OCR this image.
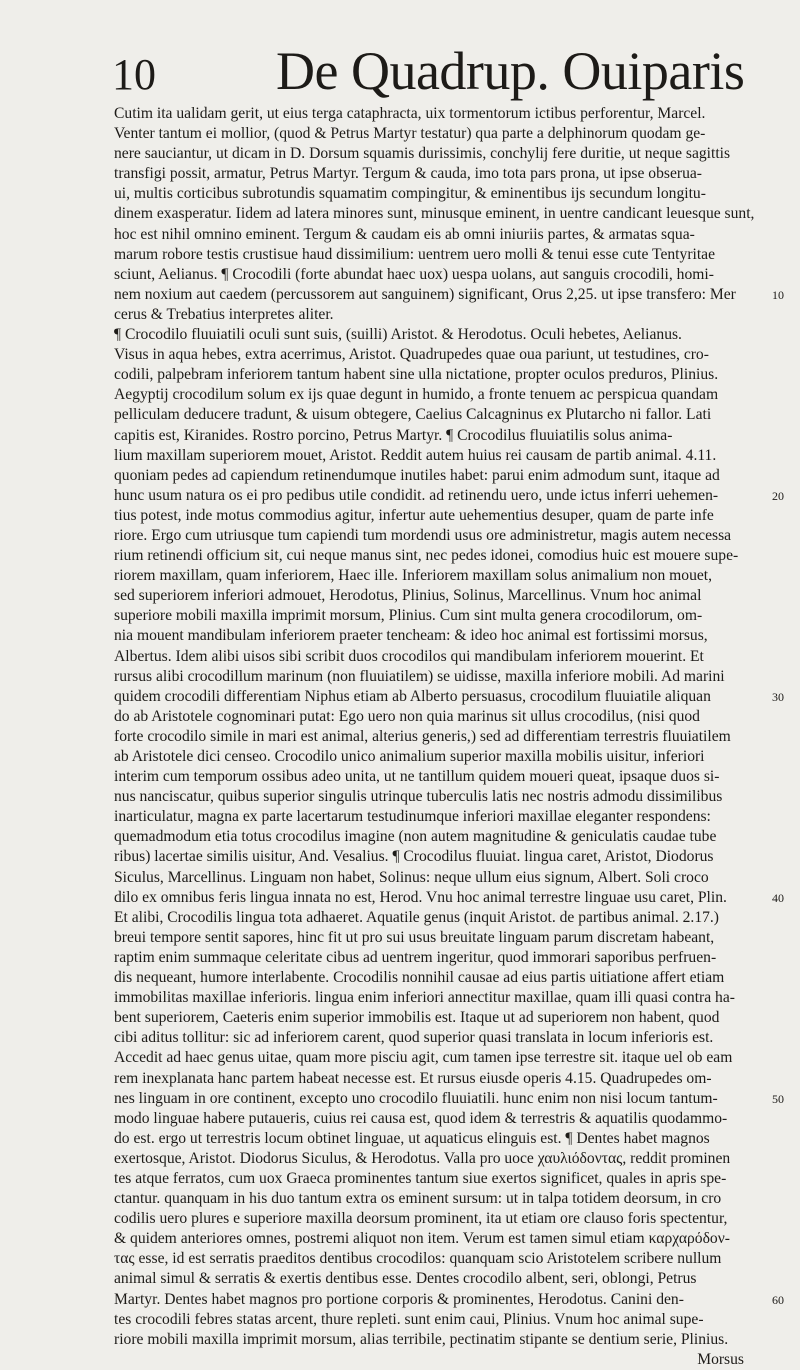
10 De Quadrup. Ouiparis
Cutim ita ualidam gerit, ut eius terga cataphracta, uix tormentorum ictibus perforentur, Marcel.
Venter tantum ei mollior, (quod & Petrus Martyr testatur) qua parte a delphinorum quodam ge-
nere sauciantur, ut dicam in D. Dorsum squamis durissimis, conchylij fere duritie, ut neque sagittis
transfigi possit, armatur, Petrus Martyr. Tergum & cauda, imo tota pars prona, ut ipse obserua-
ui, multis corticibus subrotundis squamatim compingitur, & eminentibus ijs secundum longitu-
dinem exasperatur. Iidem ad latera minores sunt, minusque eminent, in uentre candicant leuesque sunt,
hoc est nihil omnino eminent. Tergum & caudam eis ab omni iniuriis partes, & armatas squa-
marum robore testis crustisue haud dissimilium: uentrem uero molli & tenui esse cute Tentyritae
sciunt, Aelianus. ¶ Crocodili (forte abundat haec uox) uespa uolans, aut sanguis crocodili, homi-
nem noxium aut caedem (percussorem aut sanguinem) significant, Orus 2,25. ut ipse transfero: Mer
cerus & Trebatius interpretes aliter.
¶ Crocodilo fluuiatili oculi sunt suis, (suilli) Aristot. & Herodotus. Oculi hebetes, Aelianus.
Visus in aqua hebes, extra acerrimus, Aristot. Quadrupedes quae oua pariunt, ut testudines, cro-
codili, palpebram inferiorem tantum habent sine ulla nictatione, propter oculos preduros, Plinius.
Aegyptij crocodilum solum ex ijs quae degunt in humido, a fronte tenuem ac perspicua quandam
pelliculam deducere tradunt, & uisum obtegere, Caelius Calcagninus ex Plutarcho ni fallor. Lati
capitis est, Kiranides. Rostro porcino, Petrus Martyr. ¶ Crocodilus fluuiatilis solus anima-
lium maxillam superiorem mouet, Aristot. Reddit autem huius rei causam de partib animal. 4.11.
quoniam pedes ad capiendum retinendumque inutiles habet: parui enim admodum sunt, itaque ad
hunc usum natura os ei pro pedibus utile condidit. ad retinendu uero, unde ictus inferri uehemen-
tius potest, inde motus commodius agitur, infertur aute uehementius desuper, quam de parte infe
riore. Ergo cum utriusque tum capiendi tum mordendi usus ore administretur, magis autem necessa
rium retinendi officium sit, cui neque manus sint, nec pedes idonei, comodius huic est mouere supe-
riorem maxillam, quam inferiorem, Haec ille. Inferiorem maxillam solus animalium non mouet,
sed superiorem inferiori admouet, Herodotus, Plinius, Solinus, Marcellinus. Vnum hoc animal
superiore mobili maxilla imprimit morsum, Plinius. Cum sint multa genera crocodilorum, om-
nia mouent mandibulam inferiorem praeter tencheam: & ideo hoc animal est fortissimi morsus,
Albertus. Idem alibi uisos sibi scribit duos crocodilos qui mandibulam inferiorem mouerint. Et
rursus alibi crocodillum marinum (non fluuiatilem) se uidisse, maxilla inferiore mobili. Ad marini
quidem crocodili differentiam Niphus etiam ab Alberto persuasus, crocodilum fluuiatile aliquan
do ab Aristotele cognominari putat: Ego uero non quia marinus sit ullus crocodilus, (nisi quod
forte crocodilo simile in mari est animal, alterius generis,) sed ad differentiam terrestris fluuiatilem
ab Aristotele dici censeo. Crocodilo unico animalium superior maxilla mobilis uisitur, inferiori
interim cum temporum ossibus adeo unita, ut ne tantillum quidem moueri queat, ipsaque duos si-
nus nanciscatur, quibus superior singulis utrinque tuberculis latis nec nostris admodu dissimilibus
inarticulatur, magna ex parte lacertarum testudinumque inferiori maxillae eleganter respondens:
quemadmodum etia totus crocodilus imagine (non autem magnitudine & geniculatis caudae tube
ribus) lacertae similis uisitur, And. Vesalius. ¶ Crocodilus fluuiat. lingua caret, Aristot, Diodorus
Siculus, Marcellinus. Linguam non habet, Solinus: neque ullum eius signum, Albert. Soli croco
dilo ex omnibus feris lingua innata no est, Herod. Vnu hoc animal terrestre linguae usu caret, Plin.
Et alibi, Crocodilis lingua tota adhaeret. Aquatile genus (inquit Aristot. de partibus animal. 2.17.)
breui tempore sentit sapores, hinc fit ut pro sui usus breuitate linguam parum discretam habeant,
raptim enim summaque celeritate cibus ad uentrem ingeritur, quod immorari saporibus perfruen-
dis nequeant, humore interlabente. Crocodilis nonnihil causae ad eius partis uitiatione affert etiam
immobilitas maxillae inferioris. lingua enim inferiori annectitur maxillae, quam illi quasi contra ha-
bent superiorem, Caeteris enim superior immobilis est. Itaque ut ad superiorem non habent, quod
cibi aditus tollitur: sic ad inferiorem carent, quod superior quasi translata in locum inferioris est.
Accedit ad haec genus uitae, quam more pisciu agit, cum tamen ipse terrestre sit. itaque uel ob eam
rem inexplanata hanc partem habeat necesse est. Et rursus eiusde operis 4.15. Quadrupedes om-
nes linguam in ore continent, excepto uno crocodilo fluuiatili. hunc enim non nisi locum tantum-
modo linguae habere putaueris, cuius rei causa est, quod idem & terrestris & aquatilis quodammo-
do est. ergo ut terrestris locum obtinet linguae, ut aquaticus elinguis est. ¶ Dentes habet magnos
exertosque, Aristot. Diodorus Siculus, & Herodotus. Valla pro uoce χαυλιόδοντας, reddit prominen
tes atque ferratos, cum uox Graeca prominentes tantum siue exertos significet, quales in apris spe-
ctantur. quanquam in his duo tantum extra os eminent sursum: ut in talpa totidem deorsum, in cro
codilis uero plures e superiore maxilla deorsum prominent, ita ut etiam ore clauso foris spectentur,
& quidem anteriores omnes, postremi aliquot non item. Verum est tamen simul etiam καρχαρόδον-
τας esse, id est serratis praeditos dentibus crocodilos: quanquam scio Aristotelem scribere nullum
animal simul & serratis & exertis dentibus esse. Dentes crocodilo albent, seri, oblongi, Petrus
Martyr. Dentes habet magnos pro portione corporis & prominentes, Herodotus. Canini den-
tes crocodili febres statas arcent, thure repleti. sunt enim caui, Plinius. Vnum hoc animal supe-
riore mobili maxilla imprimit morsum, alias terribile, pectinatim stipante se dentium serie, Plinius.
Morsus
10
20
30
40
50
60
